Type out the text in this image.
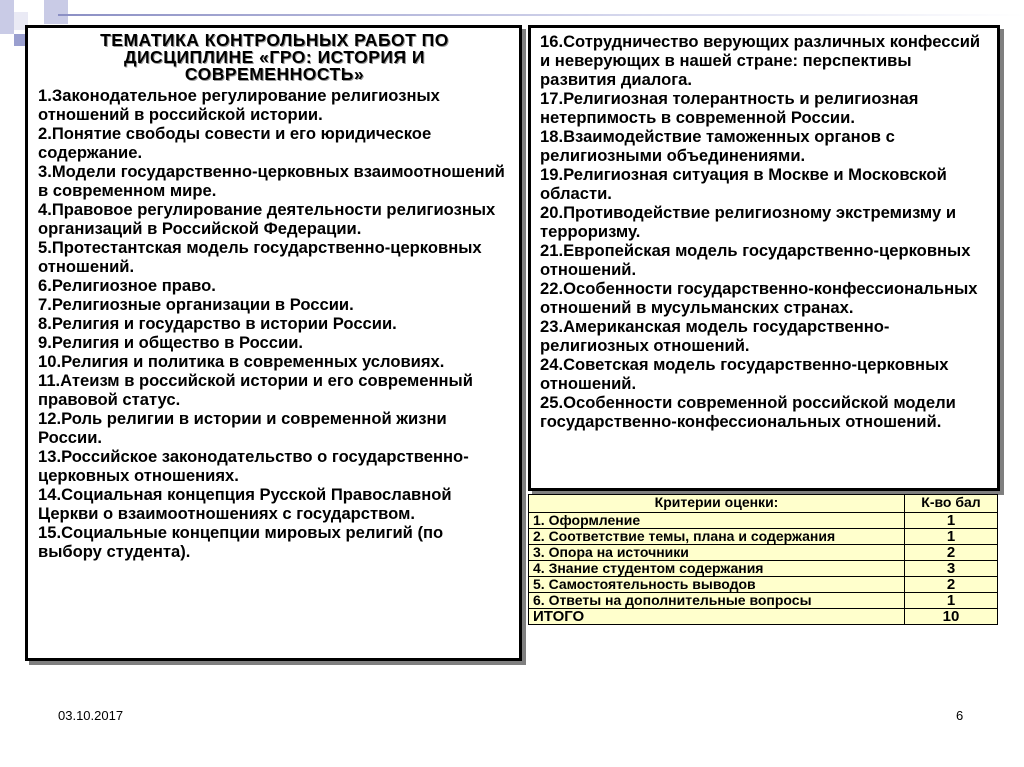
ТЕМАТИКА КОНТРОЛЬНЫХ РАБОТ ПО ДИСЦИПЛИНЕ «ГРО: ИСТОРИЯ И СОВРЕМЕННОСТЬ»

1.Законодательное регулирование религиозных отношений в российской истории.

2.Понятие свободы совести и его юридическое содержание.

3.Модели государственно-церковных взаимоотношений в современном мире.

4.Правовое регулирование деятельности религиозных организаций в Российской Федерации.

5.Протестантская модель государственно-церковных отношений.

6.Религиозное право.

7.Религиозные организации в России.

8.Религия и государство в истории России.

9.Религия и общество в России.

10.Религия и политика в современных условиях.

11.Атеизм в российской истории и его современный правовой статус.

12.Роль религии в истории и современной жизни России.

13.Российское законодательство о государственно-церковных отношениях.

14.Социальная концепция Русской Православной Церкви о взаимоотношениях с государством.

15.Социальные концепции мировых религий (по выбору студента).

16.Сотрудничество верующих различных конфессий и неверующих в нашей стране: перспективы развития диалога.

17.Религиозная толерантность и религиозная нетерпимость в современной России.

18.Взаимодействие таможенных органов с религиозными объединениями.

19.Религиозная ситуация в Москве и Московской области.

20.Противодействие религиозному экстремизму и терроризму.

21.Европейская модель государственно-церковных отношений.

22.Особенности государственно-конфессиональных отношений в мусульманских странах.

23.Американская модель государственно-религиозных отношений.

24.Советская модель государственно-церковных отношений.

25.Особенности современной российской модели государственно-конфессиональных отношений.

Критерии оценки:	К-во бал
1. Оформление	1
2. Соответствие темы, плана и содержания	1
3. Опора на источники	2
4. Знание студентом содержания	3
5. Самостоятельность выводов	2
6. Ответы на дополнительные вопросы	1
ИТОГО	10
03.10.2017	6
